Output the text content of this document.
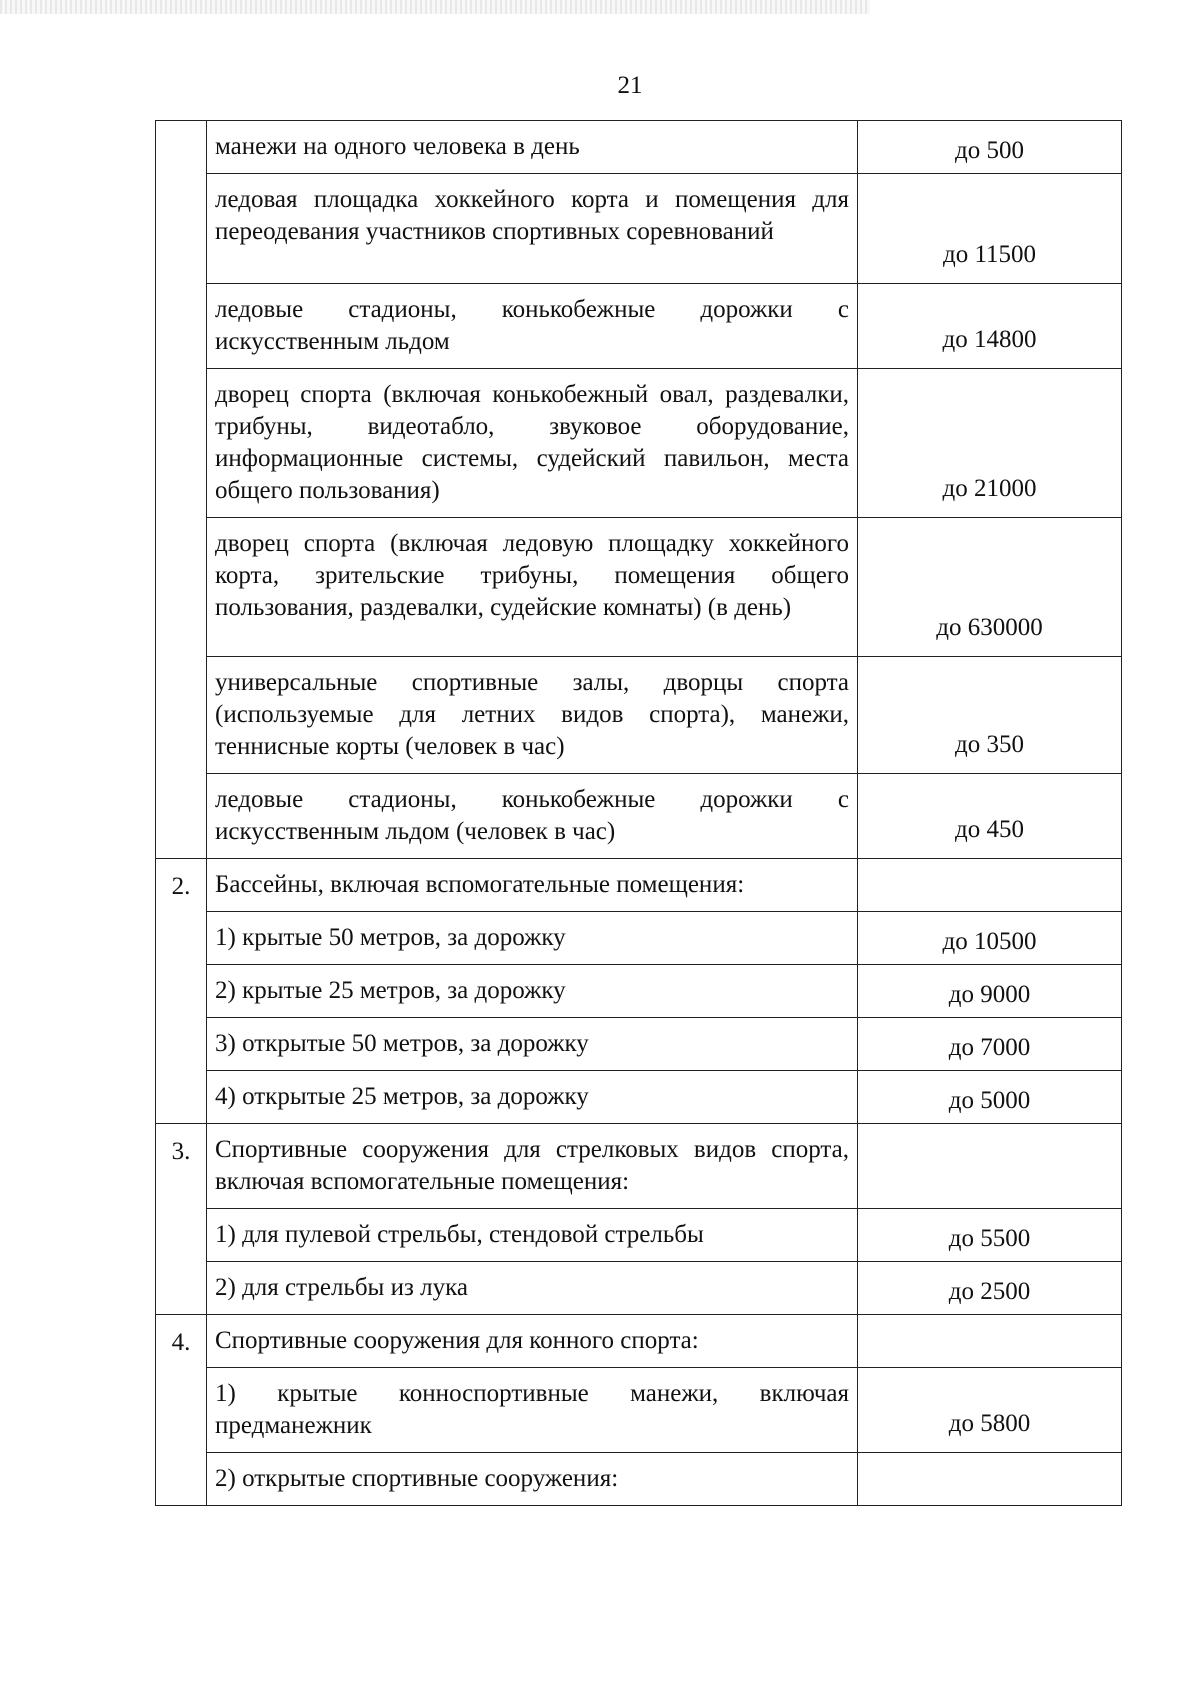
21
	манежи на одного человека в день	до 500
	ледовая площадка хоккейного корта и помещения для переодевания участников спортивных соревнований	до 11500
	ледовые стадионы, конькобежные дорожки с искусственным льдом	до 14800
	дворец спорта (включая конькобежный овал, раздевалки, трибуны, видеотабло, звуковое оборудование, информационные системы, судейский павильон, места общего пользования)	до 21000
	дворец спорта (включая ледовую площадку хоккейного корта, зрительские трибуны, помещения общего пользования, раздевалки, судейские комнаты) (в день)	до 630000
	универсальные спортивные залы, дворцы спорта (используемые для летних видов спорта), манежи, теннисные корты (человек в час)	до 350
	ледовые стадионы, конькобежные дорожки с искусственным льдом (человек в час)	до 450
2.	Бассейны, включая вспомогательные помещения:	
	1) крытые 50 метров, за дорожку	до 10500
	2) крытые 25 метров, за дорожку	до 9000
	3) открытые 50 метров, за дорожку	до 7000
	4) открытые 25 метров, за дорожку	до 5000
3.	Спортивные сооружения для стрелковых видов спорта, включая вспомогательные помещения:	
	1) для пулевой стрельбы, стендовой стрельбы	до 5500
	2) для стрельбы из лука	до 2500
4.	Спортивные сооружения для конного спорта:	
	1) крытые конноспортивные манежи, включая предманежник	до 5800
	2) открытые спортивные сооружения:	
